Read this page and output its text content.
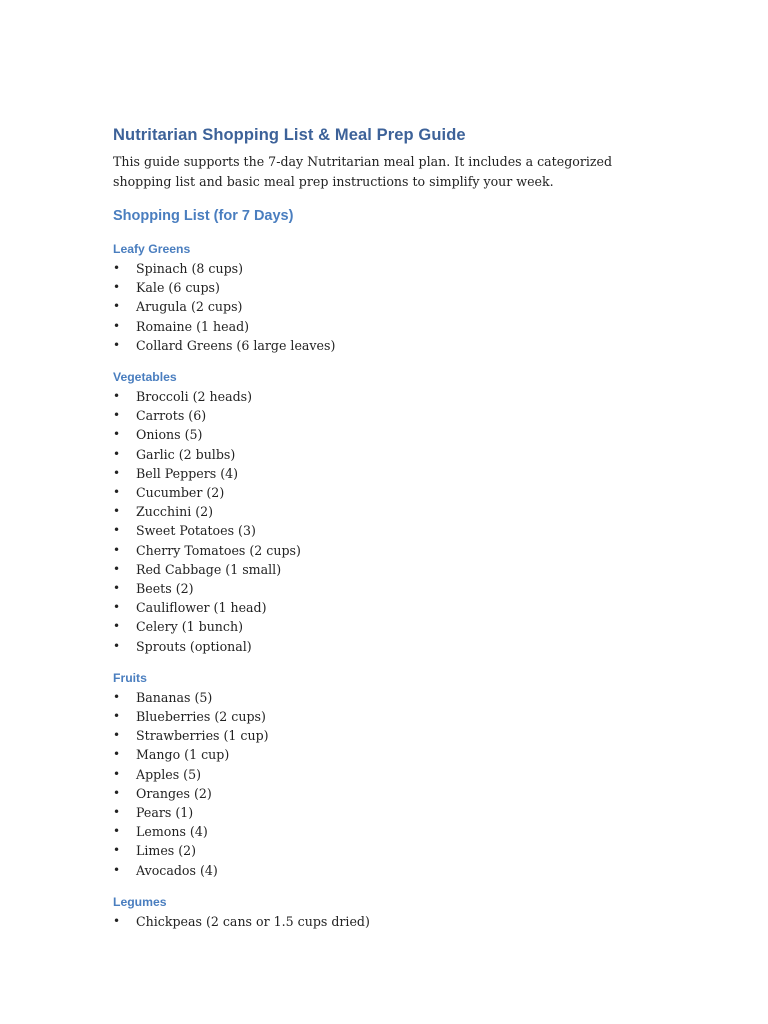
Nutritarian Shopping List & Meal Prep Guide

This guide supports the 7-day Nutritarian meal plan. It includes a categorized shopping list and basic meal prep instructions to simplify your week.

Shopping List (for 7 Days)
Leafy Greens
• Spinach (8 cups)
• Kale (6 cups)
• Arugula (2 cups)
• Romaine (1 head)
• Collard Greens (6 large leaves)
Vegetables
• Broccoli (2 heads)
• Carrots (6)
• Onions (5)
• Garlic (2 bulbs)
• Bell Peppers (4)
• Cucumber (2)
• Zucchini (2)
• Sweet Potatoes (3)
• Cherry Tomatoes (2 cups)
• Red Cabbage (1 small)
• Beets (2)
• Cauliflower (1 head)
• Celery (1 bunch)
• Sprouts (optional)
Fruits
• Bananas (5)
• Blueberries (2 cups)
• Strawberries (1 cup)
• Mango (1 cup)
• Apples (5)
• Oranges (2)
• Pears (1)
• Lemons (4)
• Limes (2)
• Avocados (4)
Legumes
• Chickpeas (2 cans or 1.5 cups dried)
